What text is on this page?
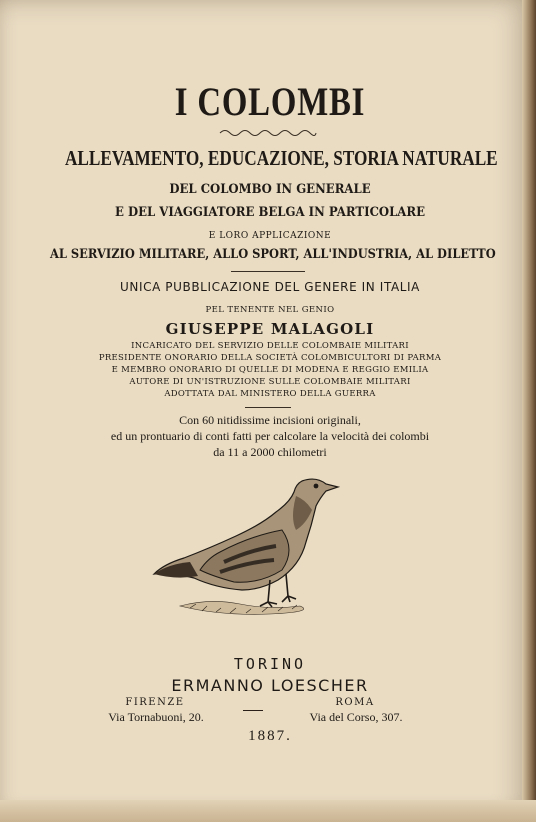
I COLOMBI
ALLEVAMENTO, EDUCAZIONE, STORIA NATURALE
DEL COLOMBO IN GENERALE
E DEL VIAGGIATORE BELGA IN PARTICOLARE
E LORO APPLICAZIONE
AL SERVIZIO MILITARE, ALLO SPORT, ALL'INDUSTRIA, AL DILETTO
UNICA PUBBLICAZIONE DEL GENERE IN ITALIA
PEL TENENTE NEL GENIO
GIUSEPPE MALAGOLI
INCARICATO DEL SERVIZIO DELLE COLOMBAIE MILITARI
PRESIDENTE ONORARIO DELLA SOCIETÀ COLOMBICULTORI DI PARMA
E MEMBRO ONORARIO DI QUELLE DI MODENA E REGGIO EMILIA
AUTORE DI UN'ISTRUZIONE SULLE COLOMBAIE MILITARI
ADOTTATA DAL MINISTERO DELLA GUERRA
Con 60 nitidissime incisioni originali,
ed un prontuario di conti fatti per calcolare la velocità dei colombi
da 11 a 2000 chilometri
TORINO
ERMANNO LOESCHER
FIRENZE
Via Tornabuoni, 20.
ROMA
Via del Corso, 307.
1887.
